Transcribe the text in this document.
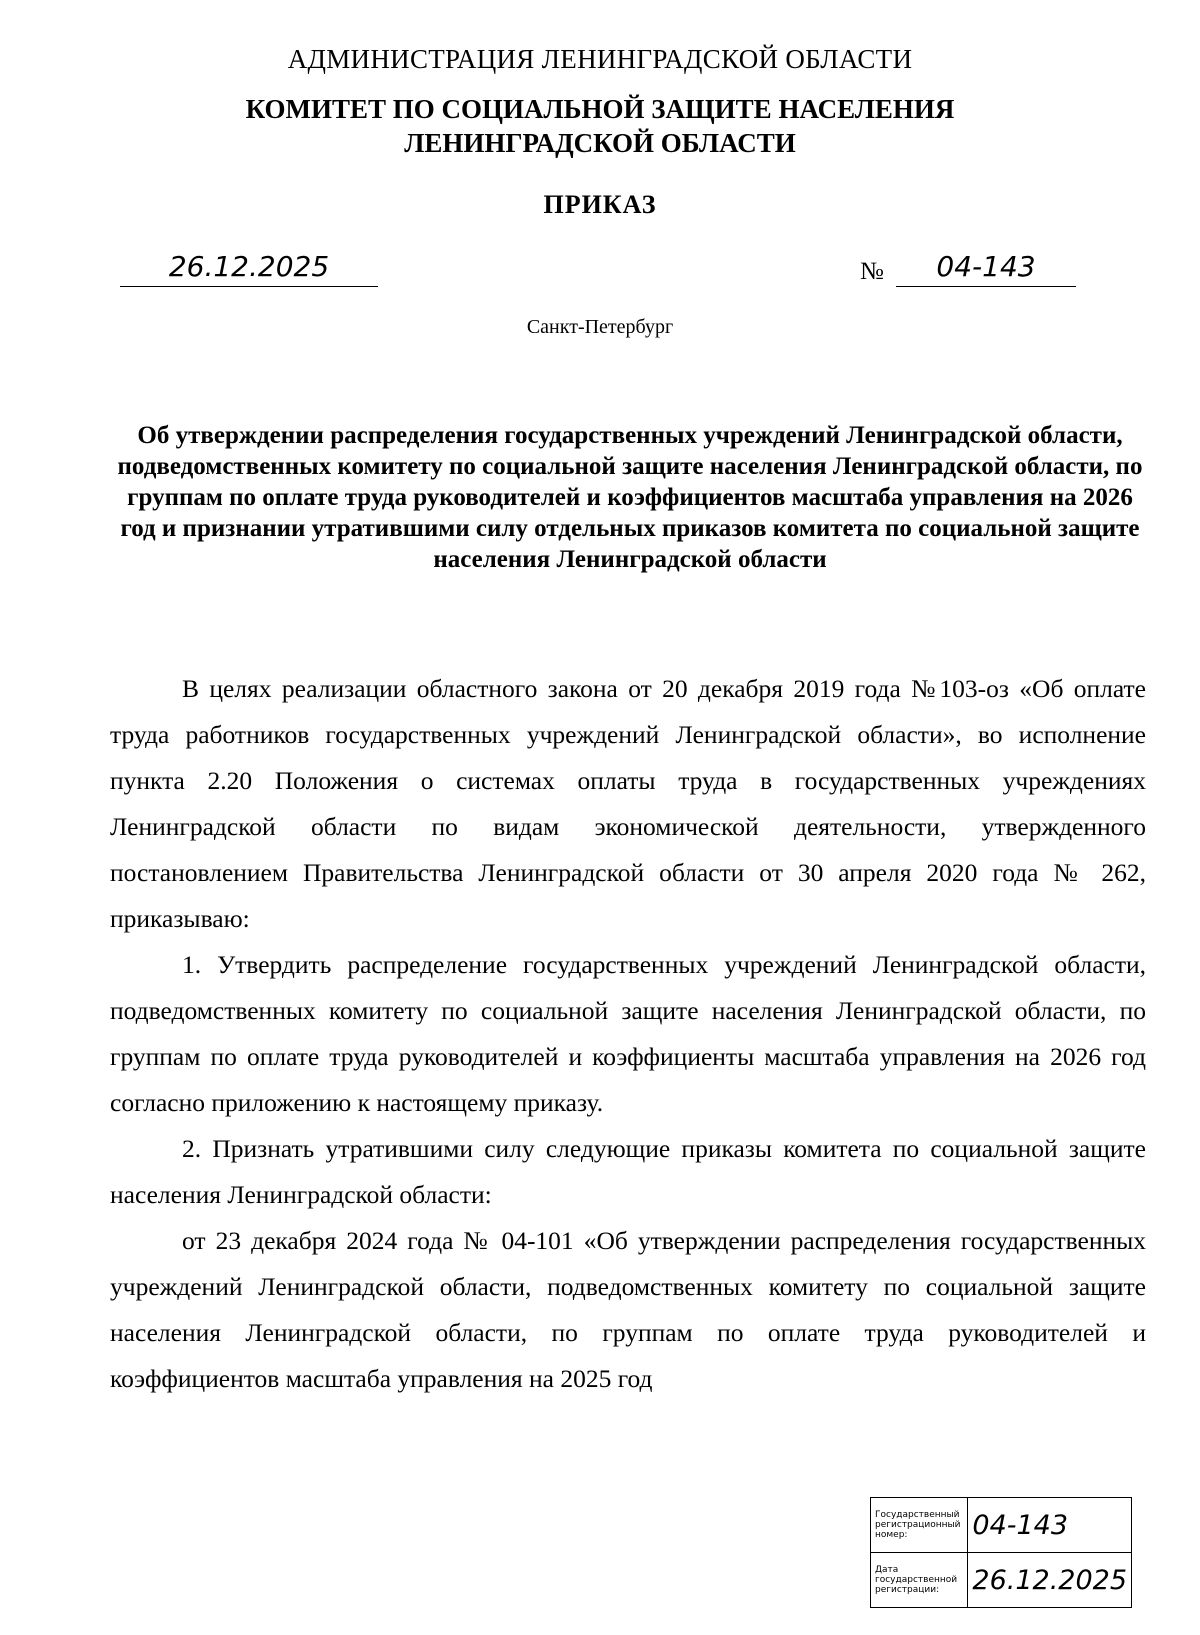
АДМИНИСТРАЦИЯ ЛЕНИНГРАДСКОЙ ОБЛАСТИ
КОМИТЕТ ПО СОЦИАЛЬНОЙ ЗАЩИТЕ НАСЕЛЕНИЯ
ЛЕНИНГРАДСКОЙ ОБЛАСТИ
ПРИКАЗ
26.12.2025	№	04-143
Санкт-Петербург
Об утверждении распределения государственных учреждений Ленинградской области, подведомственных комитету по социальной защите населения Ленинградской области, по группам по оплате труда руководителей и коэффициентов масштаба управления на 2026 год и признании утратившими силу отдельных приказов комитета по социальной защите населения Ленинградской области

В целях реализации областного закона от 20 декабря 2019 года №103-оз «Об оплате труда работников государственных учреждений Ленинградской области», во исполнение пункта 2.20 Положения о системах оплаты труда в государственных учреждениях Ленинградской области по видам экономической деятельности, утвержденного постановлением Правительства Ленинградской области от 30 апреля 2020 года № 262, приказываю:

1. Утвердить распределение государственных учреждений Ленинградской области, подведомственных комитету по социальной защите населения Ленинградской области, по группам по оплате труда руководителей и коэффициенты масштаба управления на 2026 год согласно приложению к настоящему приказу.

2. Признать утратившими силу следующие приказы комитета по социальной защите населения Ленинградской области:

от 23 декабря 2024 года № 04-101 «Об утверждении распределения государственных учреждений Ленинградской области, подведомственных комитету по социальной защите населения Ленинградской области, по группам по оплате труда руководителей и коэффициентов масштаба управления на 2025 год

Государственный регистрационный номер:	04-143
Дата государственной регистрации:	26.12.2025
